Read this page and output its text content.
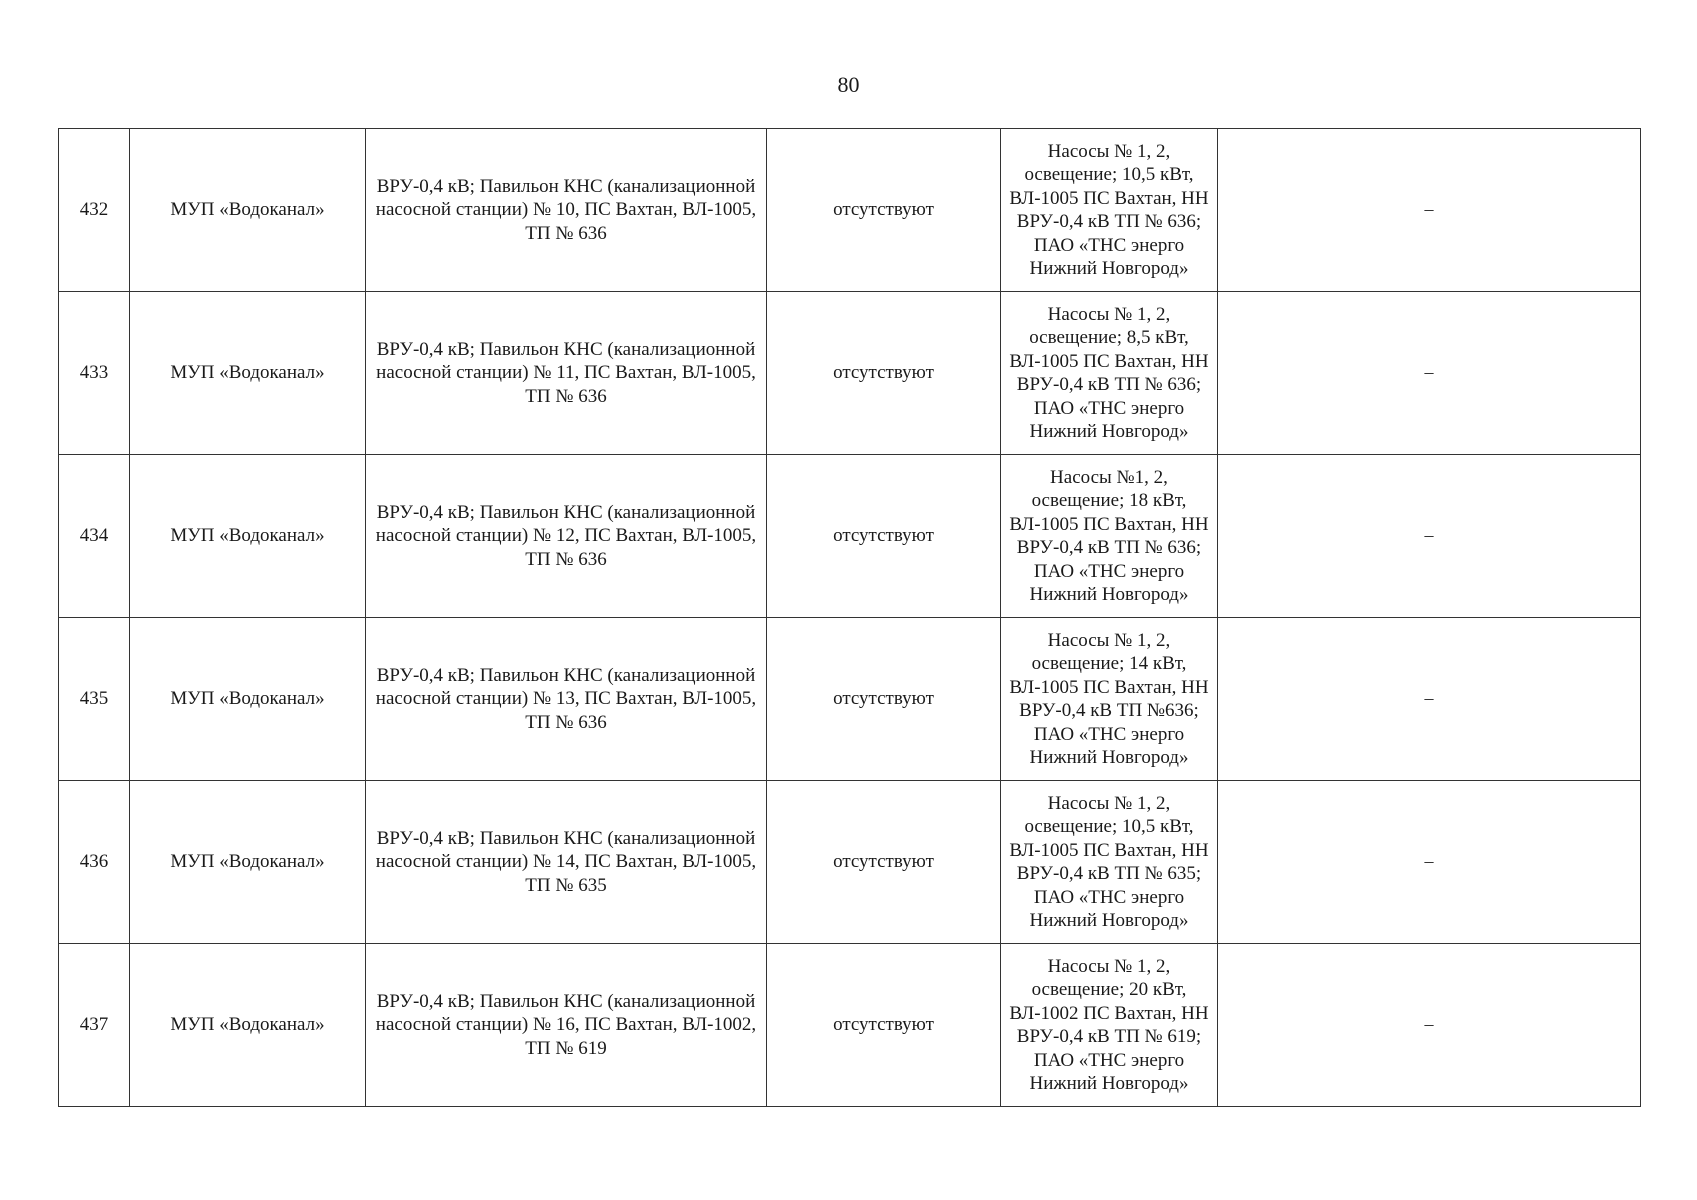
80
432	МУП «Водоканал»	ВРУ-0,4 кВ; Павильон КНС (канализационной насосной станции) № 10, ПС Вахтан, ВЛ-1005, ТП № 636	отсутствуют	Насосы № 1, 2, освещение; 10,5 кВт, ВЛ-1005 ПС Вахтан, НН ВРУ-0,4 кВ ТП № 636; ПАО «ТНС энерго Нижний Новгород»	–
433	МУП «Водоканал»	ВРУ-0,4 кВ; Павильон КНС (канализационной насосной станции) № 11, ПС Вахтан, ВЛ-1005, ТП № 636	отсутствуют	Насосы № 1, 2, освещение; 8,5 кВт, ВЛ-1005 ПС Вахтан, НН ВРУ-0,4 кВ ТП № 636; ПАО «ТНС энерго Нижний Новгород»	–
434	МУП «Водоканал»	ВРУ-0,4 кВ; Павильон КНС (канализационной насосной станции) № 12, ПС Вахтан, ВЛ-1005, ТП № 636	отсутствуют	Насосы №1, 2, освещение; 18 кВт, ВЛ-1005 ПС Вахтан, НН ВРУ-0,4 кВ ТП № 636; ПАО «ТНС энерго Нижний Новгород»	–
435	МУП «Водоканал»	ВРУ-0,4 кВ; Павильон КНС (канализационной насосной станции) № 13, ПС Вахтан, ВЛ-1005, ТП № 636	отсутствуют	Насосы № 1, 2, освещение; 14 кВт, ВЛ-1005 ПС Вахтан, НН ВРУ-0,4 кВ ТП №636; ПАО «ТНС энерго Нижний Новгород»	–
436	МУП «Водоканал»	ВРУ-0,4 кВ; Павильон КНС (канализационной насосной станции) № 14, ПС Вахтан, ВЛ-1005, ТП № 635	отсутствуют	Насосы № 1, 2, освещение; 10,5 кВт, ВЛ-1005 ПС Вахтан, НН ВРУ-0,4 кВ ТП № 635; ПАО «ТНС энерго Нижний Новгород»	–
437	МУП «Водоканал»	ВРУ-0,4 кВ; Павильон КНС (канализационной насосной станции) № 16, ПС Вахтан, ВЛ-1002, ТП № 619	отсутствуют	Насосы № 1, 2, освещение; 20 кВт, ВЛ-1002 ПС Вахтан, НН ВРУ-0,4 кВ ТП № 619; ПАО «ТНС энерго Нижний Новгород»	–
